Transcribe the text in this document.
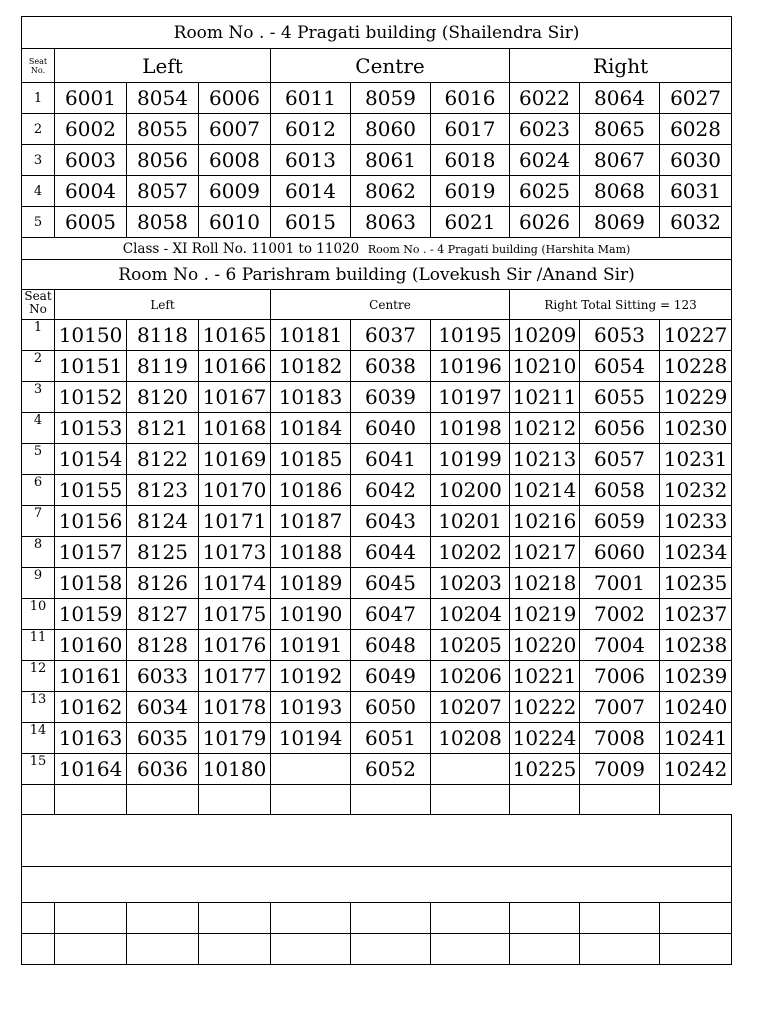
Room No . - 4 Pragati building (Shailendra Sir)									
Seat
No.	Left			Centre			Right		
1	6001	8054	6006	6011	8059	6016	6022	8064	6027
2	6002	8055	6007	6012	8060	6017	6023	8065	6028
3	6003	8056	6008	6013	8061	6018	6024	8067	6030
4	6004	8057	6009	6014	8062	6019	6025	8068	6031
5	6005	8058	6010	6015	8063	6021	6026	8069	6032
Class - XI Roll No. 11001 to 11020 Room No . - 4 Pragati building (Harshita Mam)									
Room No . - 6 Parishram building (Lovekush Sir /Anand Sir)									
Seat
No	Left			Centre			Right Total Sitting = 123		
1	10150	8118	10165	10181	6037	10195	10209	6053	10227
2	10151	8119	10166	10182	6038	10196	10210	6054	10228
3	10152	8120	10167	10183	6039	10197	10211	6055	10229
4	10153	8121	10168	10184	6040	10198	10212	6056	10230
5	10154	8122	10169	10185	6041	10199	10213	6057	10231
6	10155	8123	10170	10186	6042	10200	10214	6058	10232
7	10156	8124	10171	10187	6043	10201	10216	6059	10233
8	10157	8125	10173	10188	6044	10202	10217	6060	10234
9	10158	8126	10174	10189	6045	10203	10218	7001	10235
10	10159	8127	10175	10190	6047	10204	10219	7002	10237
11	10160	8128	10176	10191	6048	10205	10220	7004	10238
12	10161	6033	10177	10192	6049	10206	10221	7006	10239
13	10162	6034	10178	10193	6050	10207	10222	7007	10240
14	10163	6035	10179	10194	6051	10208	10224	7008	10241
15	10164	6036	10180		6052		10225	7009	10242
